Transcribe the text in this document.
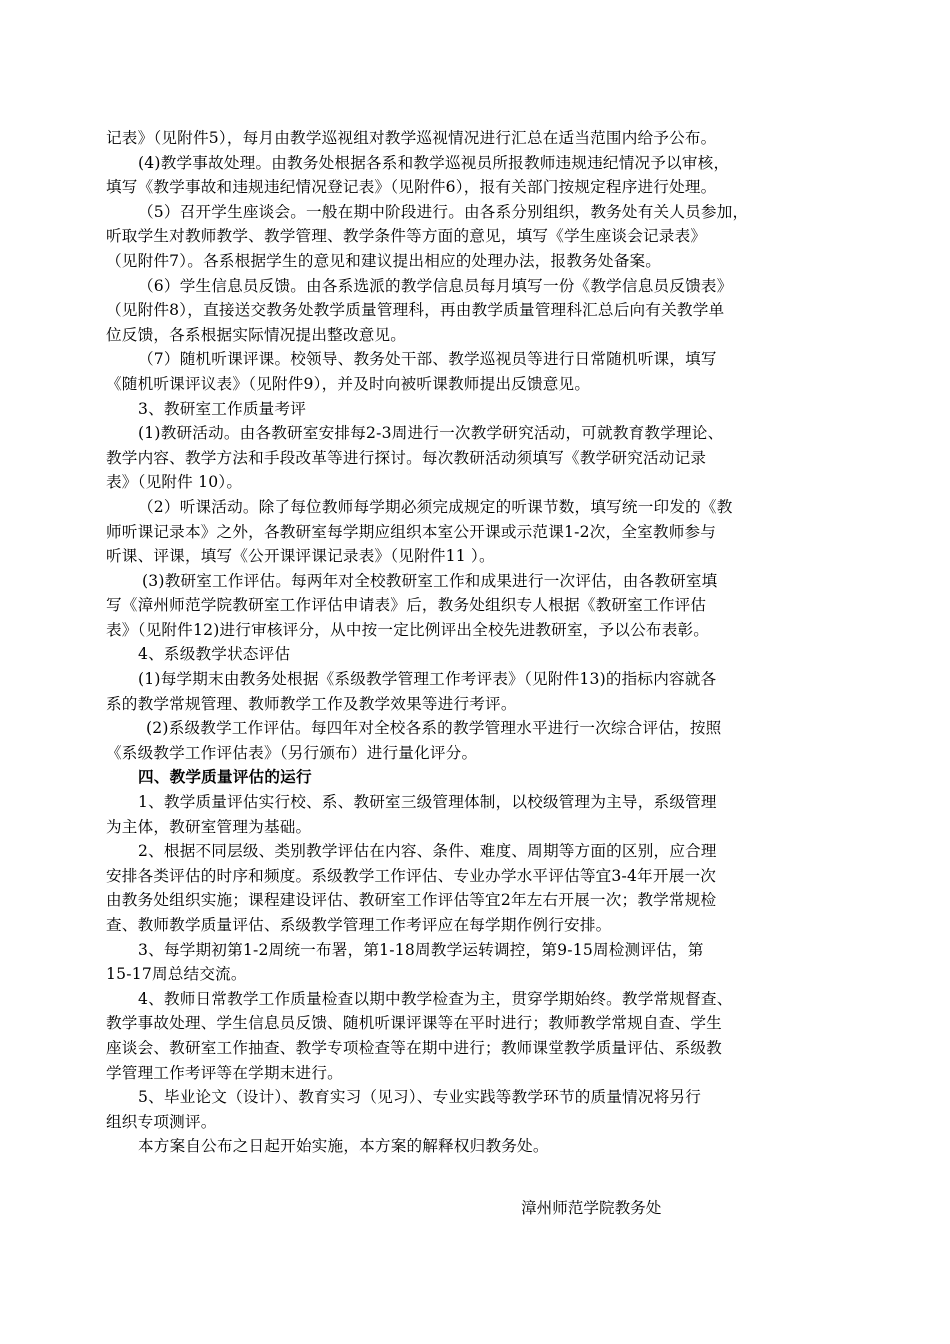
记表》（见附件5），每月由教学巡视组对教学巡视情况进行汇总在适当范围内给予公布。
(4)教学事故处理。由教务处根据各系和教学巡视员所报教师违规违纪情况予以审核，
填写《教学事故和违规违纪情况登记表》（见附件6），报有关部门按规定程序进行处理。
（5）召开学生座谈会。一般在期中阶段进行。由各系分别组织，教务处有关人员参加，
听取学生对教师教学、教学管理、教学条件等方面的意见，填写《学生座谈会记录表》
（见附件7）。各系根据学生的意见和建议提出相应的处理办法，报教务处备案。
（6）学生信息员反馈。由各系选派的教学信息员每月填写一份《教学信息员反馈表》
（见附件8），直接送交教务处教学质量管理科，再由教学质量管理科汇总后向有关教学单
位反馈，各系根据实际情况提出整改意见。
（7）随机听课评课。校领导、教务处干部、教学巡视员等进行日常随机听课，填写
《随机听课评议表》（见附件9），并及时向被听课教师提出反馈意见。
3、教研室工作质量考评
(1)教研活动。由各教研室安排每2-3周进行一次教学研究活动，可就教育教学理论、
教学内容、教学方法和手段改革等进行探讨。每次教研活动须填写《教学研究活动记录
表》（见附件 10）。
（2）听课活动。除了每位教师每学期必须完成规定的听课节数，填写统一印发的《教
师听课记录本》之外，各教研室每学期应组织本室公开课或示范课1-2次，全室教师参与
听课、评课，填写《公开课评课记录表》（见附件11 ）。
(3)教研室工作评估。每两年对全校教研室工作和成果进行一次评估，由各教研室填
写《漳州师范学院教研室工作评估申请表》后，教务处组织专人根据《教研室工作评估
表》（见附件12)进行审核评分，从中按一定比例评出全校先进教研室，予以公布表彰。
4、系级教学状态评估
(1)每学期末由教务处根据《系级教学管理工作考评表》（见附件13)的指标内容就各
系的教学常规管理、教师教学工作及教学效果等进行考评。
(2)系级教学工作评估。每四年对全校各系的教学管理水平进行一次综合评估，按照
《系级教学工作评估表》（另行颁布）进行量化评分。
四、教学质量评估的运行
1、教学质量评估实行校、系、教研室三级管理体制，以校级管理为主导，系级管理
为主体，教研室管理为基础。
2、根据不同层级、类别教学评估在内容、条件、难度、周期等方面的区别，应合理
安排各类评估的时序和频度。系级教学工作评估、专业办学水平评估等宜3-4年开展一次
由教务处组织实施；课程建设评估、教研室工作评估等宜2年左右开展一次；教学常规检
查、教师教学质量评估、系级教学管理工作考评应在每学期作例行安排。
3、每学期初第1-2周统一布署，第1-18周教学运转调控，第9-15周检测评估，第
15-17周总结交流。
4、教师日常教学工作质量检查以期中教学检查为主，贯穿学期始终。教学常规督查、
教学事故处理、学生信息员反馈、随机听课评课等在平时进行；教师教学常规自查、学生
座谈会、教研室工作抽查、教学专项检查等在期中进行；教师课堂教学质量评估、系级教
学管理工作考评等在学期末进行。
5、毕业论文（设计）、教育实习（见习）、专业实践等教学环节的质量情况将另行
组织专项测评。
本方案自公布之日起开始实施，本方案的解释权归教务处。
漳州师范学院教务处
